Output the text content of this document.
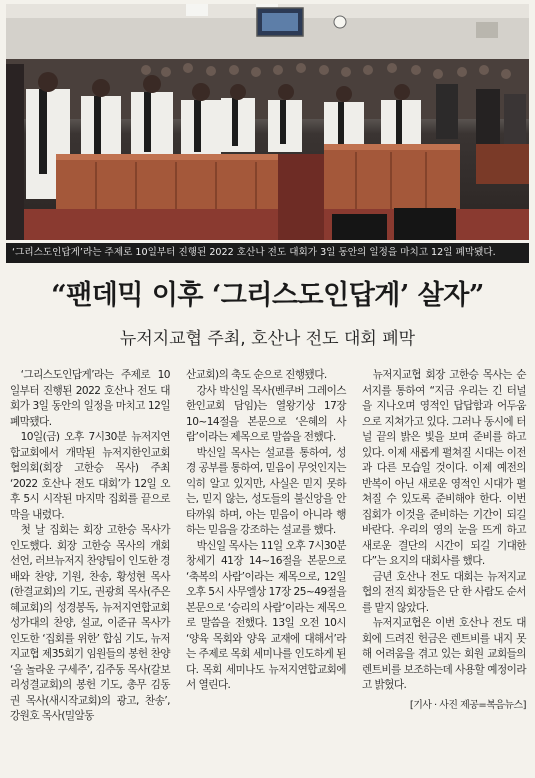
‘그리스도인답게’라는 주제로 10일부터 진행된 2022 호산나 전도 대회가 3일 동안의 일정을 마치고 12일 폐막됐다.
“팬데믹 이후 ‘그리스도인답게’ 살자”
뉴저지교협 주최, 호산나 전도 대회 폐막

‘그리스도인답게’라는 주제로 10일부터 진행된 2022 호산나 전도 대회가 3일 동안의 일정을 마치고 12일 폐막됐다.

10일(금) 오후 7시30분 뉴저지연합교회에서 개막된 뉴저지한인교회협의회(회장 고한승 목사) 주최 ‘2022 호산나 전도 대회’가 12일 오후 5시 시작된 마지막 집회를 끝으로 막을 내렸다.

첫 날 집회는 회장 고한승 목사가 인도했다. 회장 고한승 목사의 개회 선언, 러브뉴저지 찬양팀이 인도한 경배와 찬양, 기원, 찬송, 황성현 목사(한결교회)의 기도, 권광희 목사(주은혜교회)의 성경봉독, 뉴저지연합교회 성가대의 찬양, 설교, 이준규 목사가 인도한 ‘집회를 위한’ 합심 기도, 뉴저지교협 제35회기 임원들의 봉헌 찬양 ‘올 놀라운 구세주’, 김주동 목사(갈보리성결교회)의 봉헌 기도, 총무 김동권 목사(새시작교회)의 광고, 찬송’, 강원호 목사(밀알동

산교회)의 축도 순으로 진행됐다.

강사 박신일 목사(벤쿠버 그레이스한인교회 담임)는 열왕기상 17장 10~14절을 본문으로 ‘은혜의 사람’이라는 제목으로 말씀을 전했다.

박신일 목사는 설교를 통하여, 성경 공부를 통하여, 믿음이 무엇인지는 익히 알고 있지만, 사실은 믿지 못하는, 믿지 않는, 성도들의 불신앙을 안타까워 하며, 아는 믿음이 아니라 행하는 믿음을 강조하는 설교를 했다.

박신일 목사는 11일 오후 7시30분 창세기 41장 14~16절을 본문으로 ‘축복의 사람’이라는 제목으로, 12일 오후 5시 사무엘상 17장 25~49절을 본문으로 ‘승리의 사람’이라는 제목으로 말씀을 전했다. 13일 오전 10시 ‘양육 목회와 양육 교재에 대해서’라는 주제로 목회 세미나를 인도하게 된다. 목회 세미나도 뉴저지연합교회에서 열린다.

뉴저지교협 회장 고한승 목사는 순서지를 통하여 “지금 우리는 긴 터널을 지나오며 영적인 답답함과 어두움으로 지쳐가고 있다. 그러나 동시에 터널 끝의 밝은 빛을 보며 준비를 하고 있다. 이제 새롭게 펼쳐질 시대는 이전과 다른 모습일 것이다. 이제 예전의 반복이 아닌 새로운 영적인 시대가 펼쳐질 수 있도록 준비해야 한다. 이번 집회가 이것을 준비하는 기간이 되길 바란다. 우리의 영의 눈을 뜨게 하고 새로운 결단의 시간이 되길 기대한다”는 요지의 대회사를 했다.

금년 호산나 전도 대회는 뉴저지교협의 전직 회장들은 단 한 사람도 순서를 맡지 않았다.

뉴저지교협은 이번 호산나 전도 대회에 드려진 헌금은 렌트비를 내지 못해 어려움을 겪고 있는 회원 교회들의 렌트비를 보조하는데 사용할 예정이라고 밝혔다.

[기사 · 사진 제공=복음뉴스]
